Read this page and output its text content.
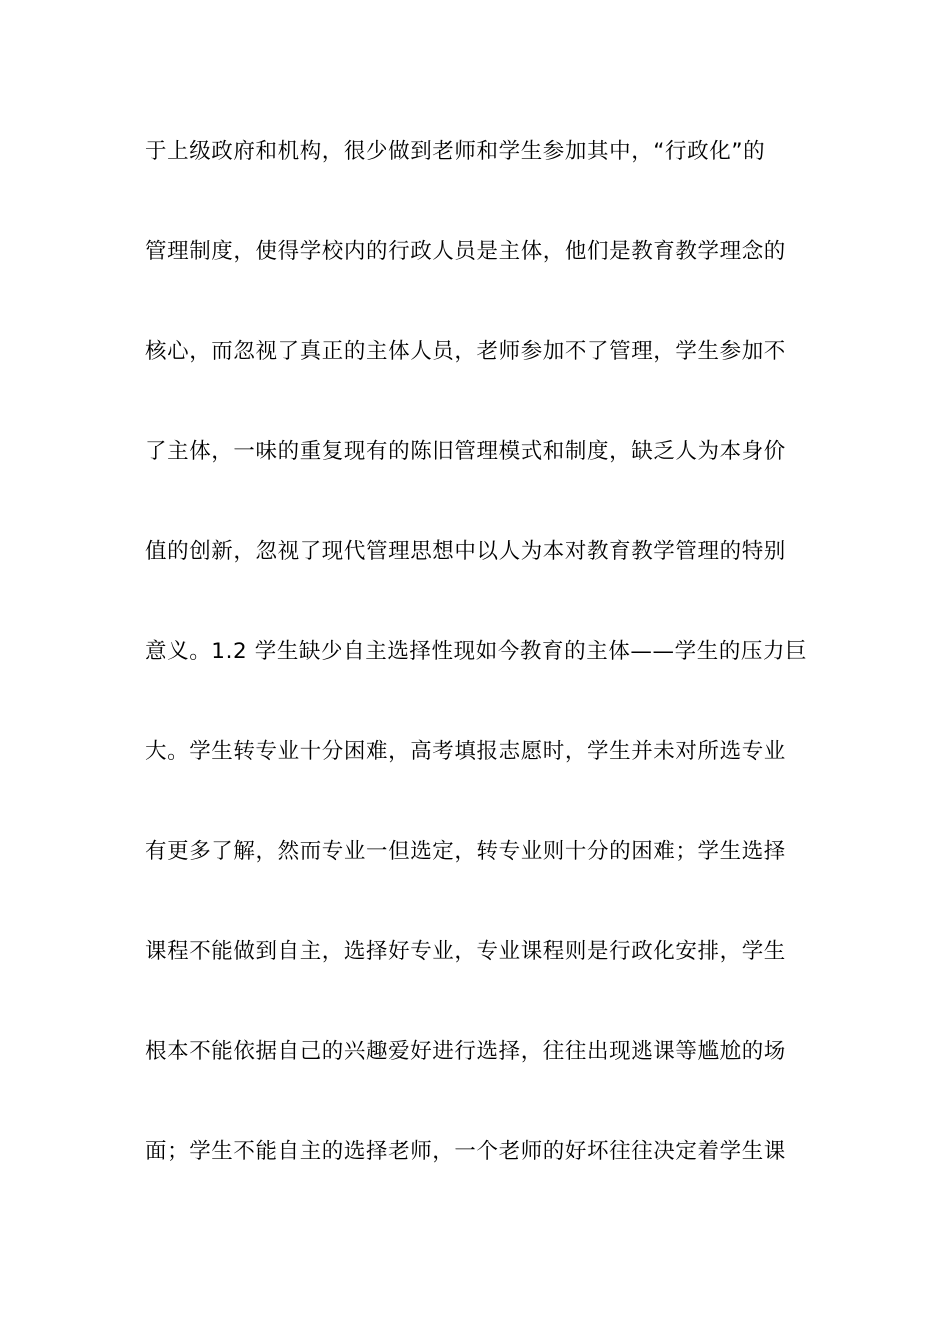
于上级政府和机构，很少做到老师和学生参加其中，“行政化”的
管理制度，使得学校内的行政人员是主体，他们是教育教学理念的
核心，而忽视了真正的主体人员，老师参加不了管理，学生参加不
了主体，一味的重复现有的陈旧管理模式和制度，缺乏人为本身价
值的创新，忽视了现代管理思想中以人为本对教育教学管理的特别
意义。1.2 学生缺少自主选择性现如今教育的主体——学生的压力巨
大。学生转专业十分困难，高考填报志愿时，学生并未对所选专业
有更多了解，然而专业一但选定，转专业则十分的困难；学生选择
课程不能做到自主，选择好专业，专业课程则是行政化安排，学生
根本不能依据自己的兴趣爱好进行选择，往往出现逃课等尴尬的场
面；学生不能自主的选择老师，一个老师的好坏往往决定着学生课
